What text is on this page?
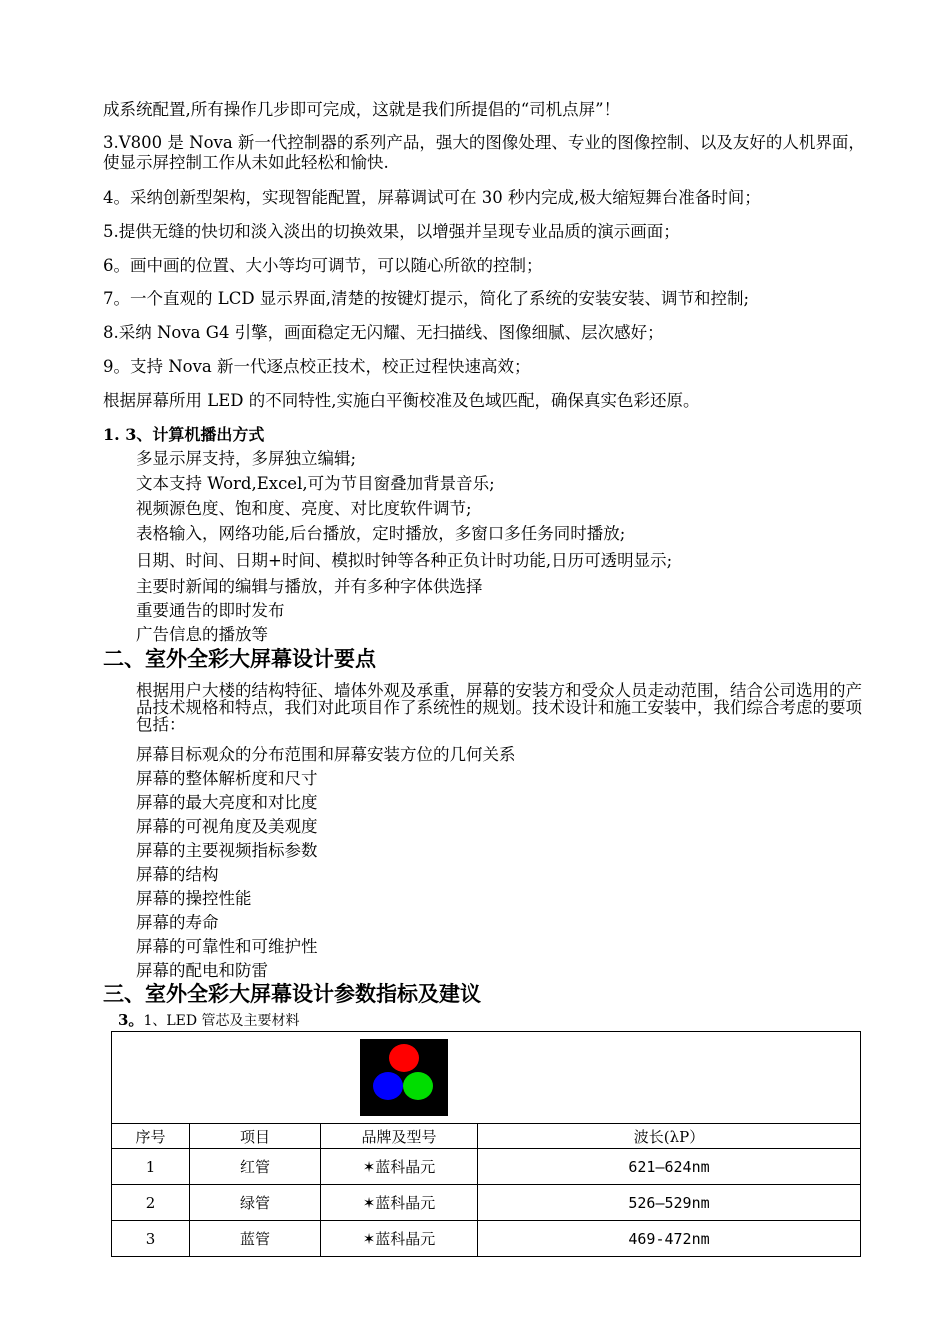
成系统配置,所有操作几步即可完成，这就是我们所提倡的“司机点屏”！
3.V800 是 Nova 新一代控制器的系列产品，强大的图像处理、专业的图像控制、以及友好的人机界面，使显示屏控制工作从未如此轻松和愉快.
4。采纳创新型架构，实现智能配置，屏幕调试可在 30 秒内完成,极大缩短舞台准备时间；
5.提供无缝的快切和淡入淡出的切换效果，以增强并呈现专业品质的演示画面；
6。画中画的位置、大小等均可调节，可以随心所欲的控制；
7。一个直观的 LCD 显示界面,清楚的按键灯提示，简化了系统的安装安装、调节和控制;
8.采纳 Nova G4 引擎，画面稳定无闪耀、无扫描线、图像细腻、层次感好；
9。支持 Nova 新一代逐点校正技术，校正过程快速高效；
根据屏幕所用 LED 的不同特性,实施白平衡校准及色域匹配，确保真实色彩还原。
1. 3、计算机播出方式
多显示屏支持，多屏独立编辑;
文本支持 Word,Excel,可为节目窗叠加背景音乐;
视频源色度、饱和度、亮度、对比度软件调节;
表格输入，网络功能,后台播放，定时播放，多窗口多任务同时播放;
日期、时间、日期+时间、模拟时钟等各种正负计时功能,日历可透明显示;
主要时新闻的编辑与播放，并有多种字体供选择
重要通告的即时发布
广告信息的播放等
二、室外全彩大屏幕设计要点
根据用户大楼的结构特征、墙体外观及承重，屏幕的安装方和受众人员走动范围，结合公司选用的产品技术规格和特点，我们对此项目作了系统性的规划。技术设计和施工安装中，我们综合考虑的要项包括：
屏幕目标观众的分布范围和屏幕安装方位的几何关系
屏幕的整体解析度和尺寸
屏幕的最大亮度和对比度
屏幕的可视角度及美观度
屏幕的主要视频指标参数
屏幕的结构
屏幕的操控性能
屏幕的寿命
屏幕的可靠性和可维护性
屏幕的配电和防雷
三、室外全彩大屏幕设计参数指标及建议
3。1、LED 管芯及主要材料

序号	项目	品牌及型号	波长(λP）
1	红管	✶蓝科晶元	621—624nm
2	绿管	✶蓝科晶元	526—529nm
3	蓝管	✶蓝科晶元	469-472nm
